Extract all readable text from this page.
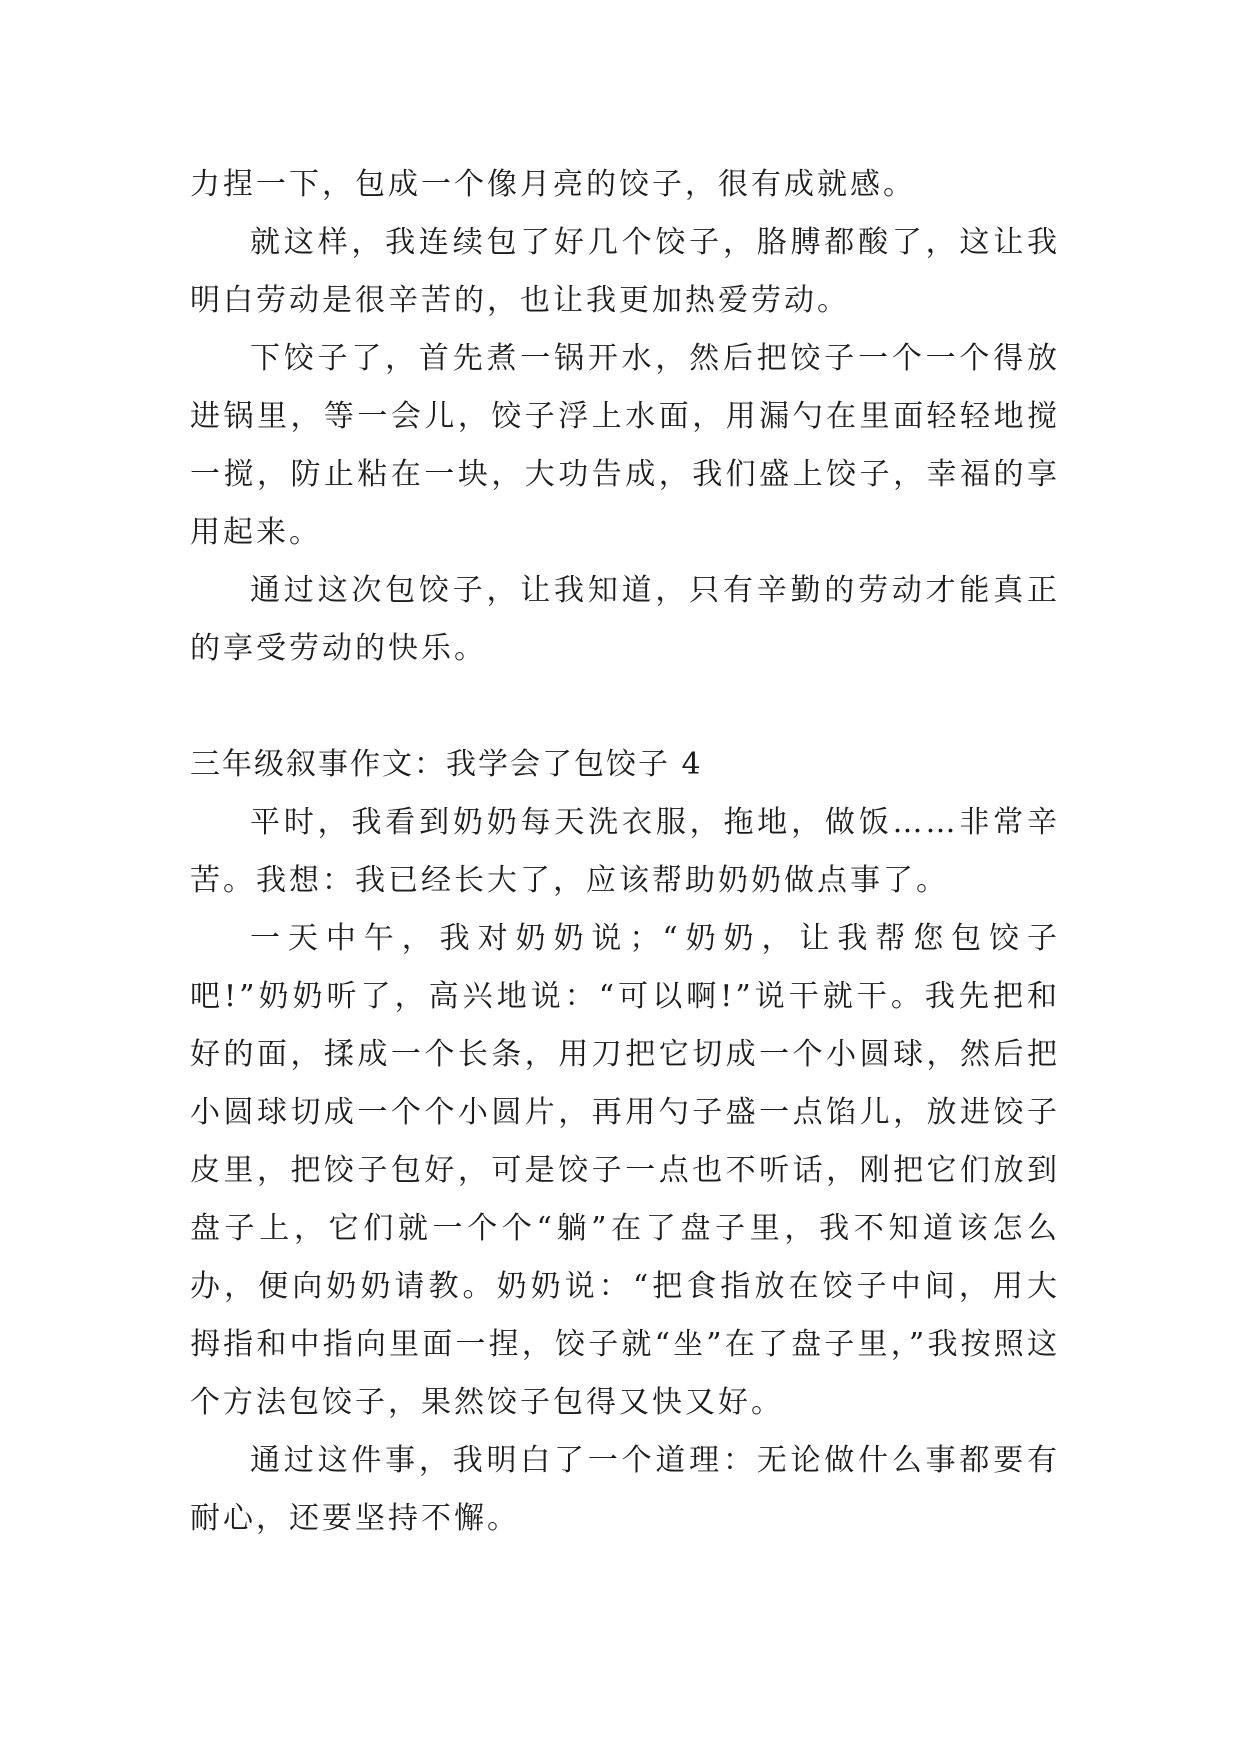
力捏一下，包成一个像月亮的饺子，很有成就感。

就这样，我连续包了好几个饺子，胳膊都酸了，这让我明白劳动是很辛苦的，也让我更加热爱劳动。

下饺子了，首先煮一锅开水，然后把饺子一个一个得放进锅里，等一会儿，饺子浮上水面，用漏勺在里面轻轻地搅一搅，防止粘在一块，大功告成，我们盛上饺子，幸福的享用起来。

通过这次包饺子，让我知道，只有辛勤的劳动才能真正的享受劳动的快乐。

三年级叙事作文：我学会了包饺子 4

平时，我看到奶奶每天洗衣服，拖地，做饭……非常辛苦。我想：我已经长大了，应该帮助奶奶做点事了。

一天中午，我对奶奶说；“奶奶，让我帮您包饺子吧!”奶奶听了，高兴地说：“可以啊!”说干就干。我先把和好的面，揉成一个长条，用刀把它切成一个小圆球，然后把小圆球切成一个个小圆片，再用勺子盛一点馅儿，放进饺子皮里，把饺子包好，可是饺子一点也不听话，刚把它们放到盘子上，它们就一个个“躺”在了盘子里，我不知道该怎么办，便向奶奶请教。奶奶说：“把食指放在饺子中间，用大拇指和中指向里面一捏，饺子就“坐”在了盘子里，”我按照这个方法包饺子，果然饺子包得又快又好。

通过这件事，我明白了一个道理：无论做什么事都要有耐心，还要坚持不懈。
